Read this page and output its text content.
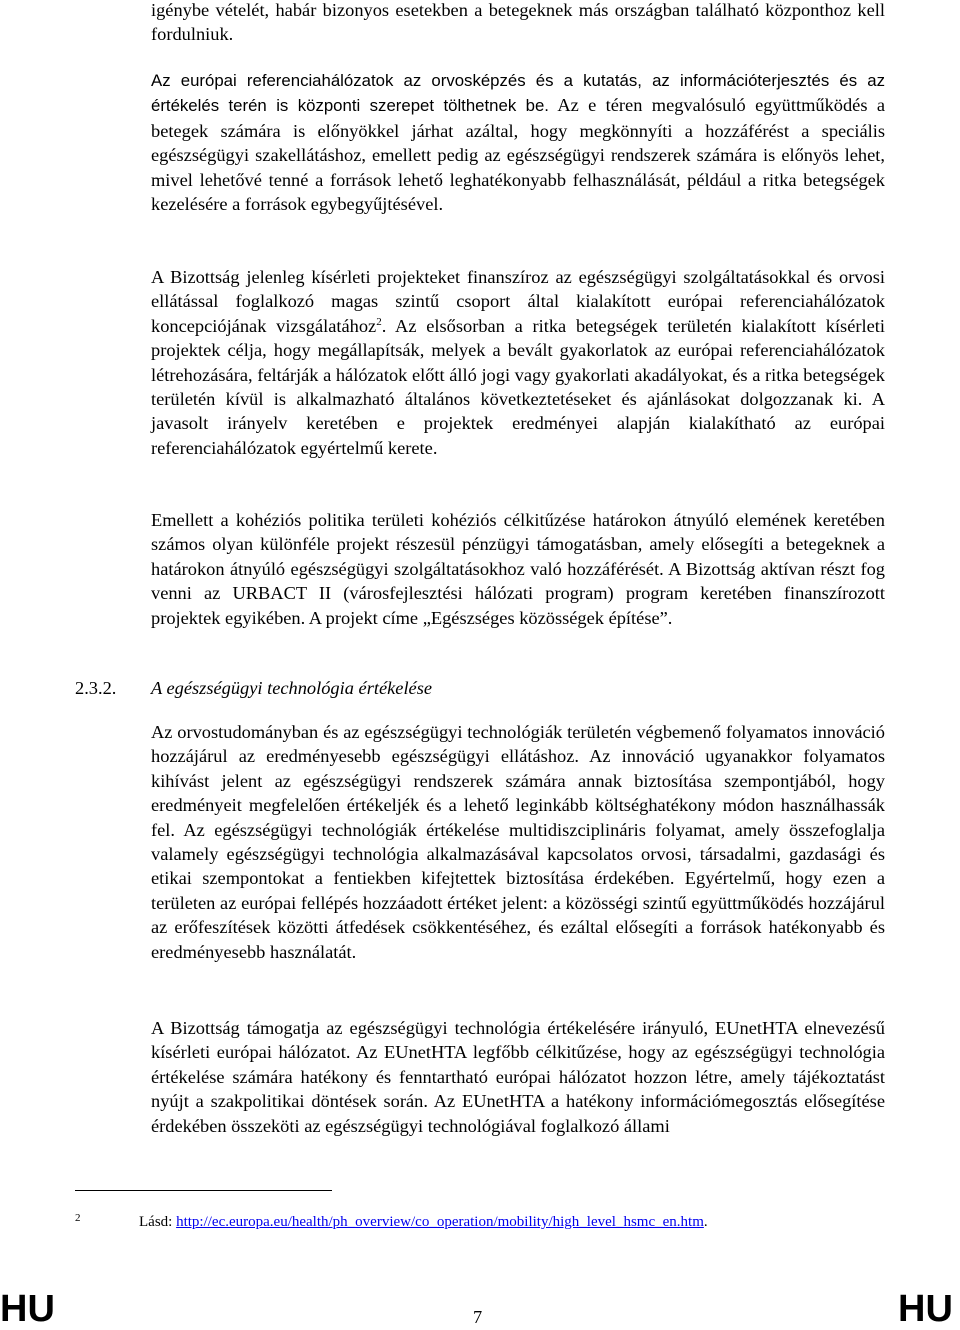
igénybe vételét, habár bizonyos esetekben a betegeknek más országban található központhoz kell fordulniuk.

Az európai referenciahálózatok az orvosképzés és a kutatás, az információterjesztés és az értékelés terén is központi szerepet tölthetnek be. Az e téren megvalósuló együttműködés a betegek számára is előnyökkel járhat azáltal, hogy megkönnyíti a hozzáférést a speciális egészségügyi szakellátáshoz, emellett pedig az egészségügyi rendszerek számára is előnyös lehet, mivel lehetővé tenné a források lehető leghatékonyabb felhasználását, például a ritka betegségek kezelésére a források egybegyűjtésével.

A Bizottság jelenleg kísérleti projekteket finanszíroz az egészségügyi szolgáltatásokkal és orvosi ellátással foglalkozó magas szintű csoport által kialakított európai referenciahálózatok koncepciójának vizsgálatához$^2$. Az elsősorban a ritka betegségek területén kialakított kísérleti projektek célja, hogy megállapítsák, melyek a bevált gyakorlatok az európai referenciahálózatok létrehozására, feltárják a hálózatok előtt álló jogi vagy gyakorlati akadályokat, és a ritka betegségek területén kívül is alkalmazható általános következtetéseket és ajánlásokat dolgozzanak ki. A javasolt irányelv keretében e projektek eredményei alapján kialakítható az európai referenciahálózatok egyértelmű kerete.

Emellett a kohéziós politika területi kohéziós célkitűzése határokon átnyúló elemének keretében számos olyan különféle projekt részesül pénzügyi támogatásban, amely elősegíti a betegeknek a határokon átnyúló egészségügyi szolgáltatásokhoz való hozzáférését. A Bizottság aktívan részt fog venni az URBACT II (városfejlesztési hálózati program) program keretében finanszírozott projektek egyikében. A projekt címe „Egészséges közösségek építése”.

2.3.2. A egészségügyi technológia értékelése

Az orvostudományban és az egészségügyi technológiák területén végbemenő folyamatos innováció hozzájárul az eredményesebb egészségügyi ellátáshoz. Az innováció ugyanakkor folyamatos kihívást jelent az egészségügyi rendszerek számára annak biztosítása szempontjából, hogy eredményeit megfelelően értékeljék és a lehető leginkább költséghatékony módon használhassák fel. Az egészségügyi technológiák értékelése multidiszciplináris folyamat, amely összefoglalja valamely egészségügyi technológia alkalmazásával kapcsolatos orvosi, társadalmi, gazdasági és etikai szempontokat a fentiekben kifejtettek biztosítása érdekében. Egyértelmű, hogy ezen a területen az európai fellépés hozzáadott értéket jelent: a közösségi szintű együttműködés hozzájárul az erőfeszítések közötti átfedések csökkentéséhez, és ezáltal elősegíti a források hatékonyabb és eredményesebb használatát.

A Bizottság támogatja az egészségügyi technológia értékelésére irányuló, EUnetHTA elnevezésű kísérleti európai hálózatot. Az EUnetHTA legfőbb célkitűzése, hogy az egészségügyi technológia értékelése számára hatékony és fenntartható európai hálózatot hozzon létre, amely tájékoztatást nyújt a szakpolitikai döntések során. Az EUnetHTA a hatékony információmegosztás elősegítése érdekében összeköti az egészségügyi technológiával foglalkozó állami

2	Lásd: http://ec.europa.eu/health/ph_overview/co_operation/mobility/high_level_hsmc_en.htm.
HU	7	HU
